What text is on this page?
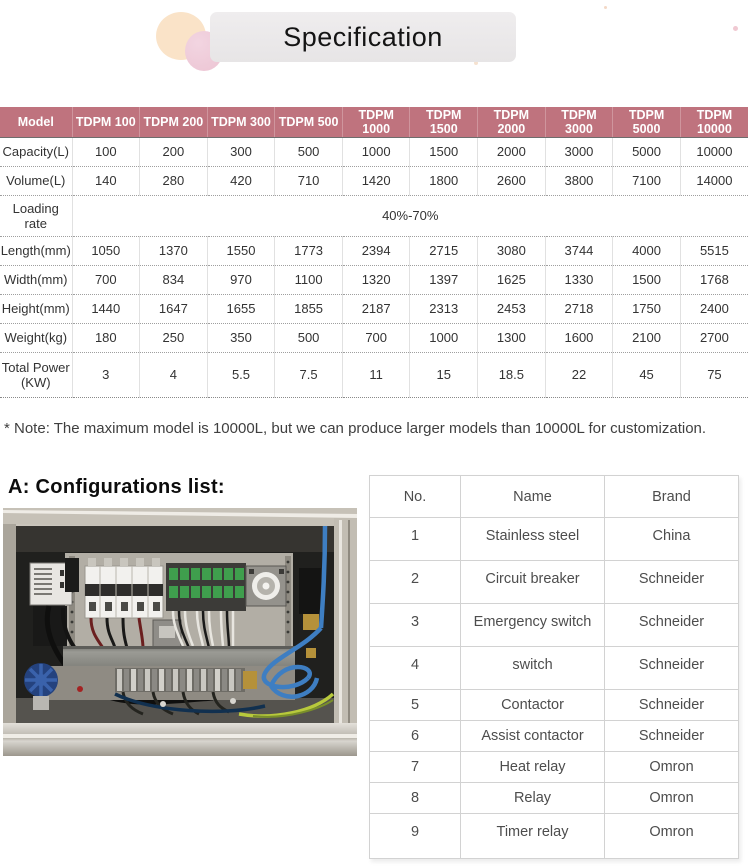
Specification
Model	TDPM 100	TDPM 200	TDPM 300	TDPM 500	TDPM 1000	TDPM 1500	TDPM 2000	TDPM 3000	TDPM 5000	TDPM 10000
Capacity(L)	100	200	300	500	1000	1500	2000	3000	5000	10000
Volume(L)	140	280	420	710	1420	1800	2600	3800	7100	14000
Loading rate	40%-70%									
Length(mm)	1050	1370	1550	1773	2394	2715	3080	3744	4000	5515
Width(mm)	700	834	970	1100	1320	1397	1625	1330	1500	1768
Height(mm)	1440	1647	1655	1855	2187	2313	2453	2718	1750	2400
Weight(kg)	180	250	350	500	700	1000	1300	1600	2100	2700
Total Power (KW)	3	4	5.5	7.5	11	15	18.5	22	45	75
* Note: The maximum model is 10000L, but we can produce larger models than 10000L for customization.
A: Configurations list:	No.	Name	Brand
1	Stainless steel	China
2	Circuit breaker	Schneider
3	Emergency switch	Schneider
4	switch	Schneider
5	Contactor	Schneider
6	Assist contactor	Schneider
7	Heat relay	Omron
8	Relay	Omron
9	Timer relay	Omron
